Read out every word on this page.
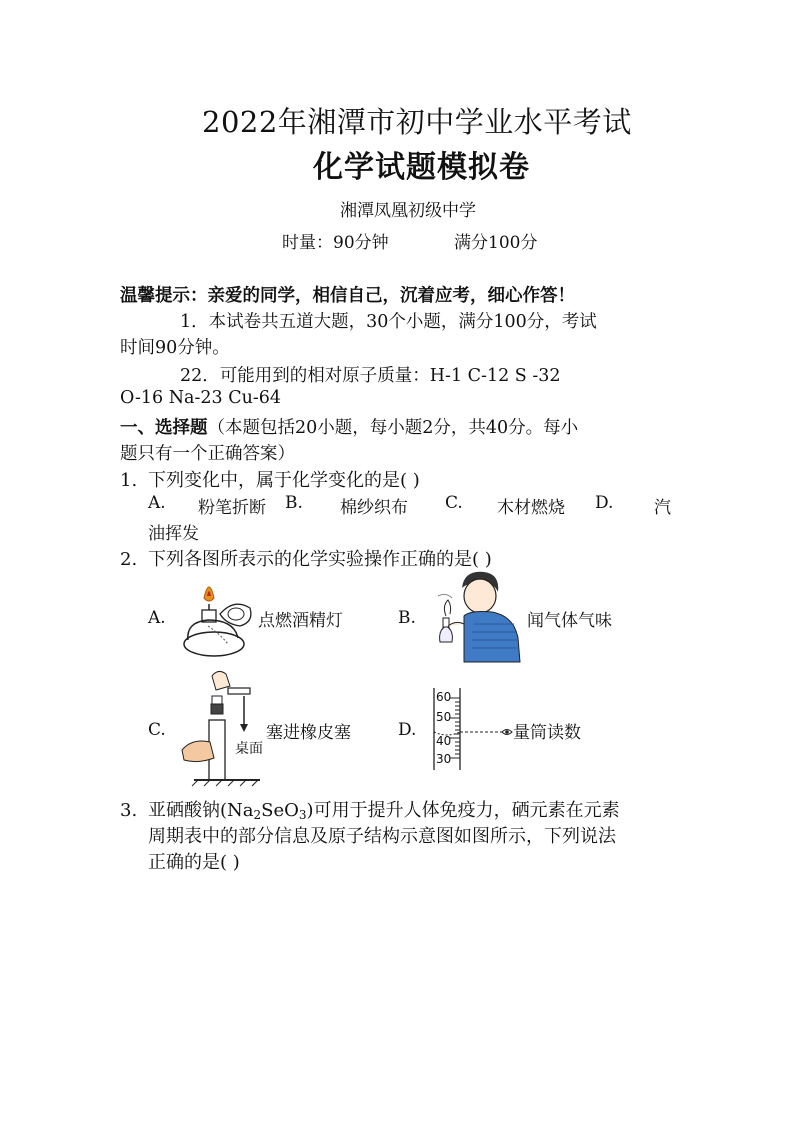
2022年湘潭市初中学业水平考试
化学试题模拟卷
湘潭凤凰初级中学
时量：90分钟	满分100分
温馨提示：亲爱的同学，相信自己，沉着应考，细心作答！
1．本试卷共五道大题，30个小题，满分100分，考试
时间90分钟。
22．可能用到的相对原子质量：H-1 C-12 S -32
O-16 Na-23 Cu-64
一、选择题（本题包括20小题，每小题2分，共40分。每小
题只有一个正确答案）
1. 下列变化中，属于化学变化的是( )
A. 粉笔折断 B. 棉纱织布 C. 木材燃烧 D. 汽
油挥发
2. 下列各图所表示的化学实验操作正确的是( )
A.	点燃酒精灯	B.	闻气体气味
C.
桌面
塞进橡皮塞	D.
60
50
40
30
量筒读数
3. 亚硒酸钠$(Na_2SeO_3)$可用于提升人体免疫力，硒元素在元素
周期表中的部分信息及原子结构示意图如图所示，下列说法
正确的是( )
